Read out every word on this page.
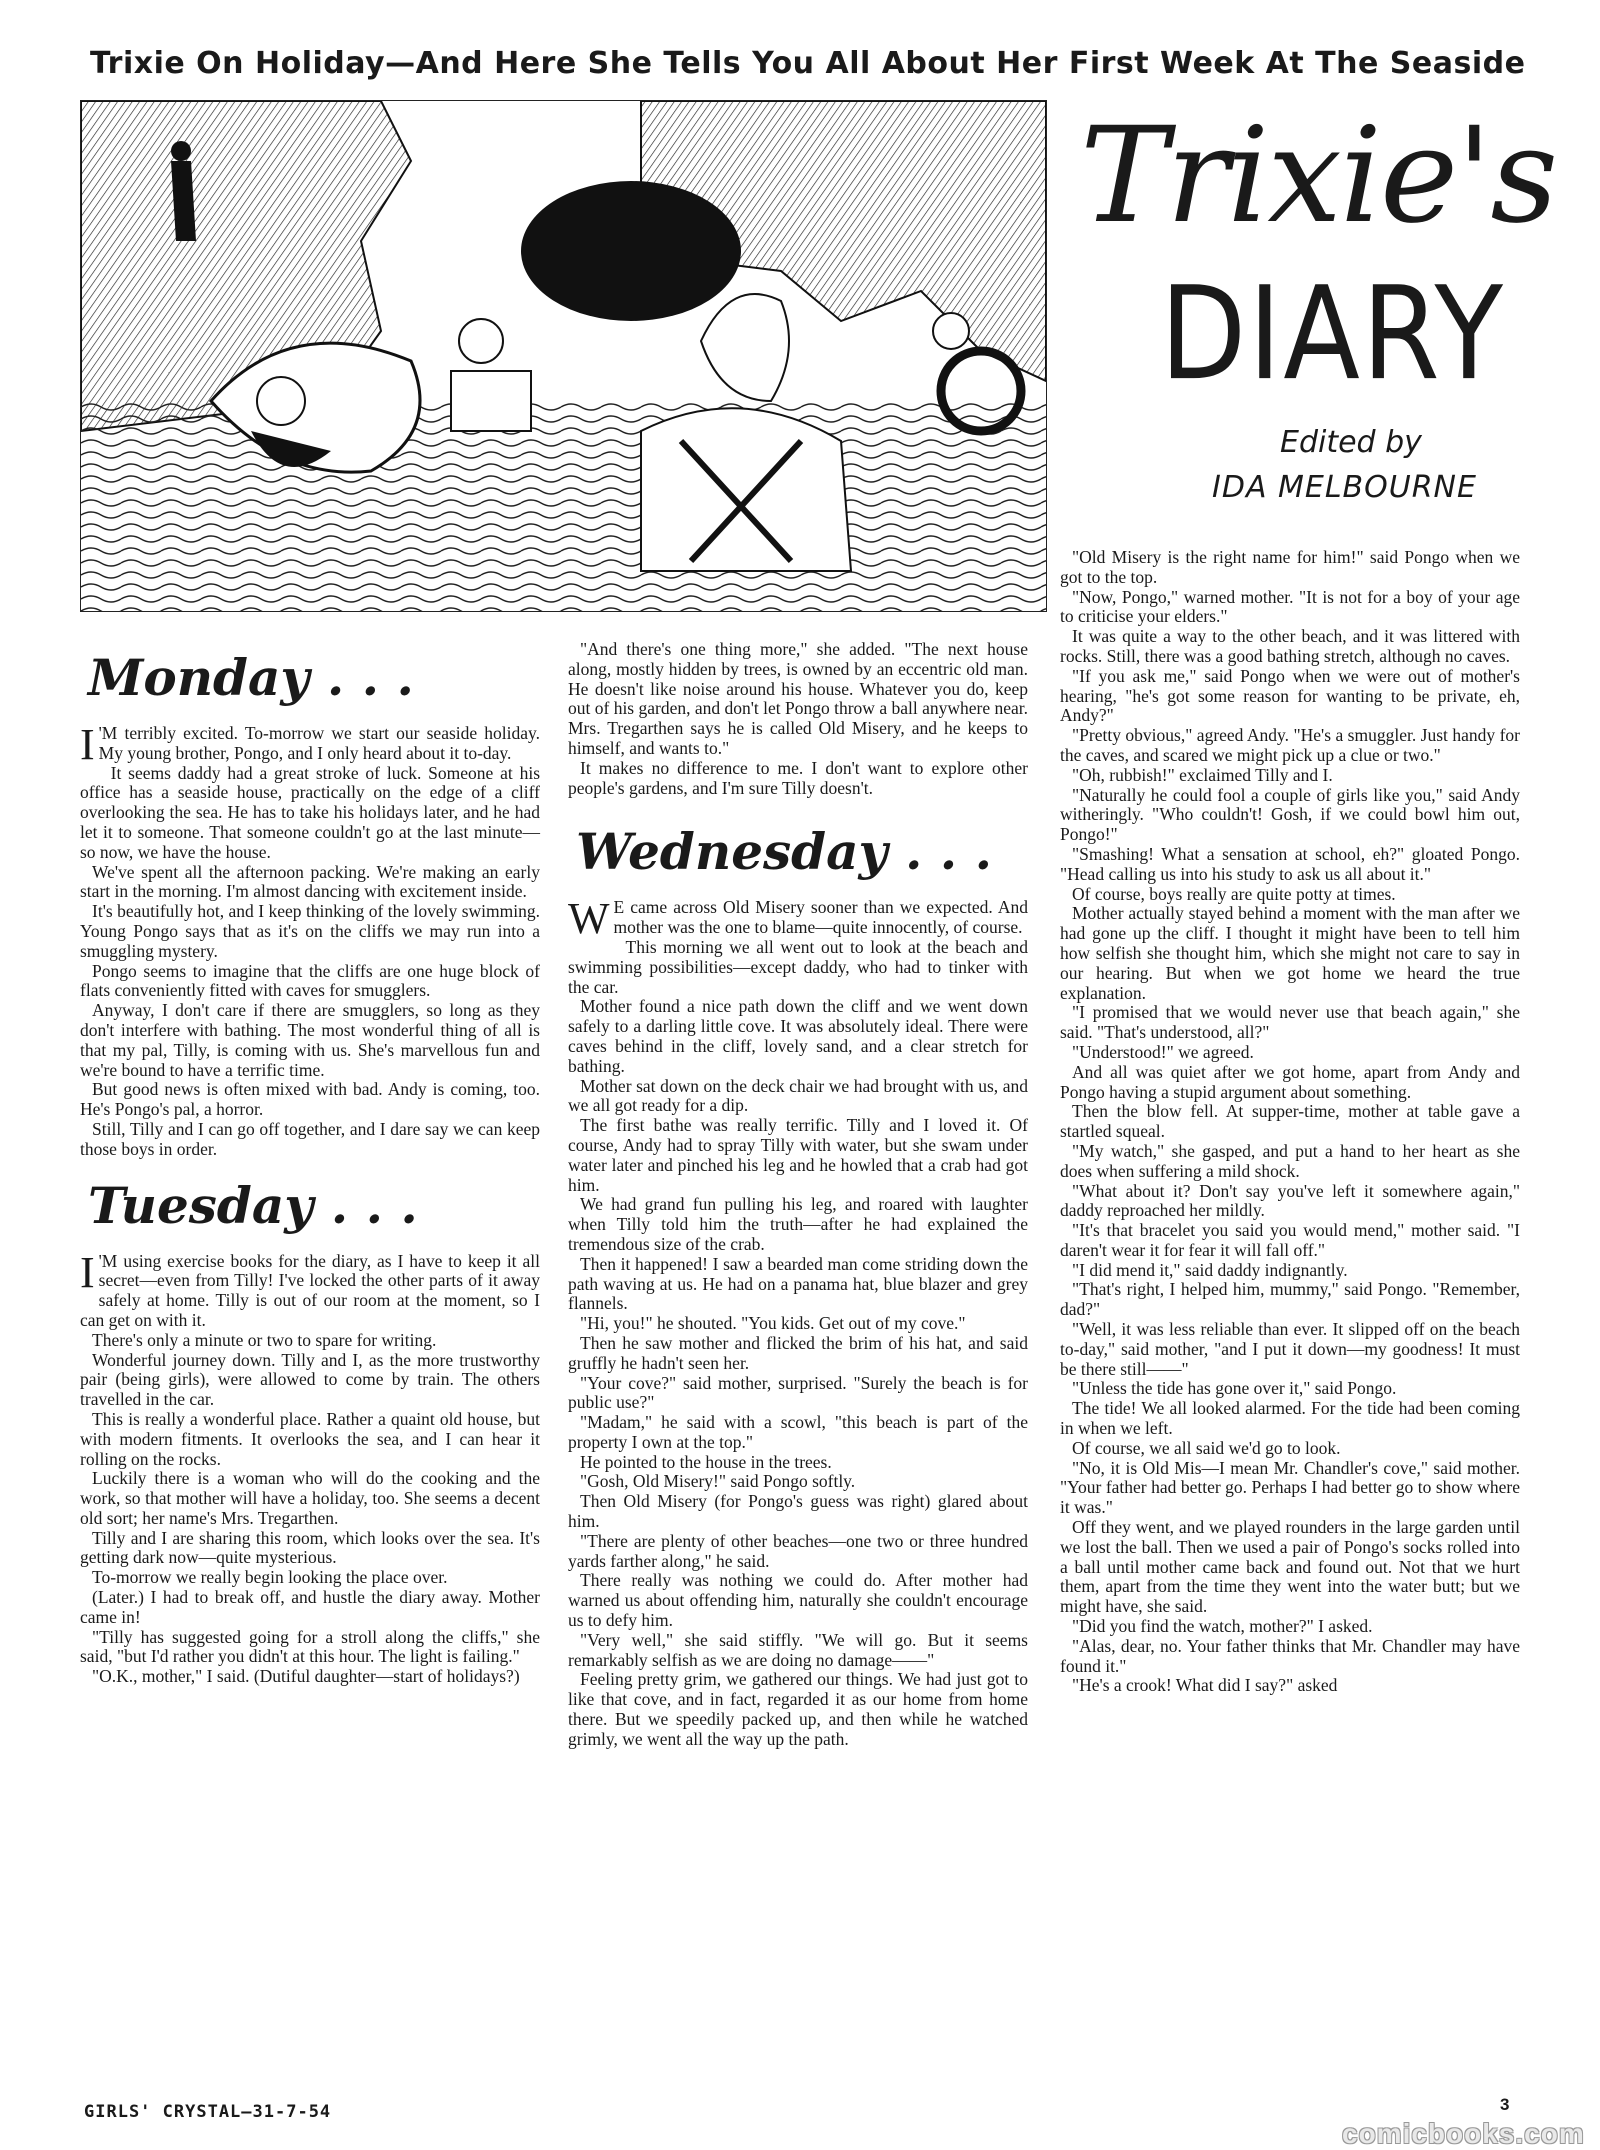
Trixie On Holiday—And Here She Tells You All About Her First Week At The Seaside
Trixie's
DIARY
Edited by
IDA MELBOURNE
Monday . . .

I 'M terribly excited. To-morrow we start our seaside holiday. My young brother, Pongo, and I only heard about it to-day.

It seems daddy had a great stroke of luck. Someone at his office has a seaside house, practically on the edge of a cliff overlooking the sea. He has to take his holidays later, and he had let it to someone. That someone couldn't go at the last minute—so now, we have the house.

We've spent all the afternoon packing. We're making an early start in the morning. I'm almost dancing with excitement inside.

It's beautifully hot, and I keep thinking of the lovely swimming. Young Pongo says that as it's on the cliffs we may run into a smuggling mystery.

Pongo seems to imagine that the cliffs are one huge block of flats conveniently fitted with caves for smugglers.

Anyway, I don't care if there are smugglers, so long as they don't interfere with bathing. The most wonderful thing of all is that my pal, Tilly, is coming with us. She's marvellous fun and we're bound to have a terrific time.

But good news is often mixed with bad. Andy is coming, too. He's Pongo's pal, a horror.

Still, Tilly and I can go off together, and I dare say we can keep those boys in order.

Tuesday . . .

I 'M using exercise books for the diary, as I have to keep it all secret—even from Tilly! I've locked the other parts of it away safely at home. Tilly is out of our room at the moment, so I can get on with it.

There's only a minute or two to spare for writing.

Wonderful journey down. Tilly and I, as the more trustworthy pair (being girls), were allowed to come by train. The others travelled in the car.

This is really a wonderful place. Rather a quaint old house, but with modern fitments. It overlooks the sea, and I can hear it rolling on the rocks.

Luckily there is a woman who will do the cooking and the work, so that mother will have a holiday, too. She seems a decent old sort; her name's Mrs. Tregarthen.

Tilly and I are sharing this room, which looks over the sea. It's getting dark now—quite mysterious.

To-morrow we really begin looking the place over.

(Later.) I had to break off, and hustle the diary away. Mother came in!

"Tilly has suggested going for a stroll along the cliffs," she said, "but I'd rather you didn't at this hour. The light is failing."

"O.K., mother," I said. (Dutiful daughter—start of holidays?)

"And there's one thing more," she added. "The next house along, mostly hidden by trees, is owned by an eccentric old man. He doesn't like noise around his house. Whatever you do, keep out of his garden, and don't let Pongo throw a ball anywhere near. Mrs. Tregarthen says he is called Old Misery, and he keeps to himself, and wants to."

It makes no difference to me. I don't want to explore other people's gardens, and I'm sure Tilly doesn't.

Wednesday . . .

W E came across Old Misery sooner than we expected. And mother was the one to blame—quite innocently, of course.

This morning we all went out to look at the beach and swimming possibilities—except daddy, who had to tinker with the car.

Mother found a nice path down the cliff and we went down safely to a darling little cove. It was absolutely ideal. There were caves behind in the cliff, lovely sand, and a clear stretch for bathing.

Mother sat down on the deck chair we had brought with us, and we all got ready for a dip.

The first bathe was really terrific. Tilly and I loved it. Of course, Andy had to spray Tilly with water, but she swam under water later and pinched his leg and he howled that a crab had got him.

We had grand fun pulling his leg, and roared with laughter when Tilly told him the truth—after he had explained the tremendous size of the crab.

Then it happened! I saw a bearded man come striding down the path waving at us. He had on a panama hat, blue blazer and grey flannels.

"Hi, you!" he shouted. "You kids. Get out of my cove."

Then he saw mother and flicked the brim of his hat, and said gruffly he hadn't seen her.

"Your cove?" said mother, surprised. "Surely the beach is for public use?"

"Madam," he said with a scowl, "this beach is part of the property I own at the top."

He pointed to the house in the trees.

"Gosh, Old Misery!" said Pongo softly.

Then Old Misery (for Pongo's guess was right) glared about him.

"There are plenty of other beaches—one two or three hundred yards farther along," he said.

There really was nothing we could do. After mother had warned us about offending him, naturally she couldn't encourage us to defy him.

"Very well," she said stiffly. "We will go. But it seems remarkably selfish as we are doing no damage——"

Feeling pretty grim, we gathered our things. We had just got to like that cove, and in fact, regarded it as our home from home there. But we speedily packed up, and then while he watched grimly, we went all the way up the path.

"Old Misery is the right name for him!" said Pongo when we got to the top.

"Now, Pongo," warned mother. "It is not for a boy of your age to criticise your elders."

It was quite a way to the other beach, and it was littered with rocks. Still, there was a good bathing stretch, although no caves.

"If you ask me," said Pongo when we were out of mother's hearing, "he's got some reason for wanting to be private, eh, Andy?"

"Pretty obvious," agreed Andy. "He's a smuggler. Just handy for the caves, and scared we might pick up a clue or two."

"Oh, rubbish!" exclaimed Tilly and I.

"Naturally he could fool a couple of girls like you," said Andy witheringly. "Who couldn't! Gosh, if we could bowl him out, Pongo!"

"Smashing! What a sensation at school, eh?" gloated Pongo. "Head calling us into his study to ask us all about it."

Of course, boys really are quite potty at times.

Mother actually stayed behind a moment with the man after we had gone up the cliff. I thought it might have been to tell him how selfish she thought him, which she might not care to say in our hearing. But when we got home we heard the true explanation.

"I promised that we would never use that beach again," she said. "That's understood, all?"

"Understood!" we agreed.

And all was quiet after we got home, apart from Andy and Pongo having a stupid argument about something.

Then the blow fell. At supper-time, mother at table gave a startled squeal.

"My watch," she gasped, and put a hand to her heart as she does when suffering a mild shock.

"What about it? Don't say you've left it somewhere again," daddy reproached her mildly.

"It's that bracelet you said you would mend," mother said. "I daren't wear it for fear it will fall off."

"I did mend it," said daddy indignantly.

"That's right, I helped him, mummy," said Pongo. "Remember, dad?"

"Well, it was less reliable than ever. It slipped off on the beach to-day," said mother, "and I put it down—my goodness! It must be there still——"

"Unless the tide has gone over it," said Pongo.

The tide! We all looked alarmed. For the tide had been coming in when we left.

Of course, we all said we'd go to look.

"No, it is Old Mis—I mean Mr. Chandler's cove," said mother. "Your father had better go. Perhaps I had better go to show where it was."

Off they went, and we played rounders in the large garden until we lost the ball. Then we used a pair of Pongo's socks rolled into a ball until mother came back and found out. Not that we hurt them, apart from the time they went into the water butt; but we might have, she said.

"Did you find the watch, mother?" I asked.

"Alas, dear, no. Your father thinks that Mr. Chandler may have found it."

"He's a crook! What did I say?" asked

GIRLS' CRYSTAL—31-7-54	3
comicbooks.com
